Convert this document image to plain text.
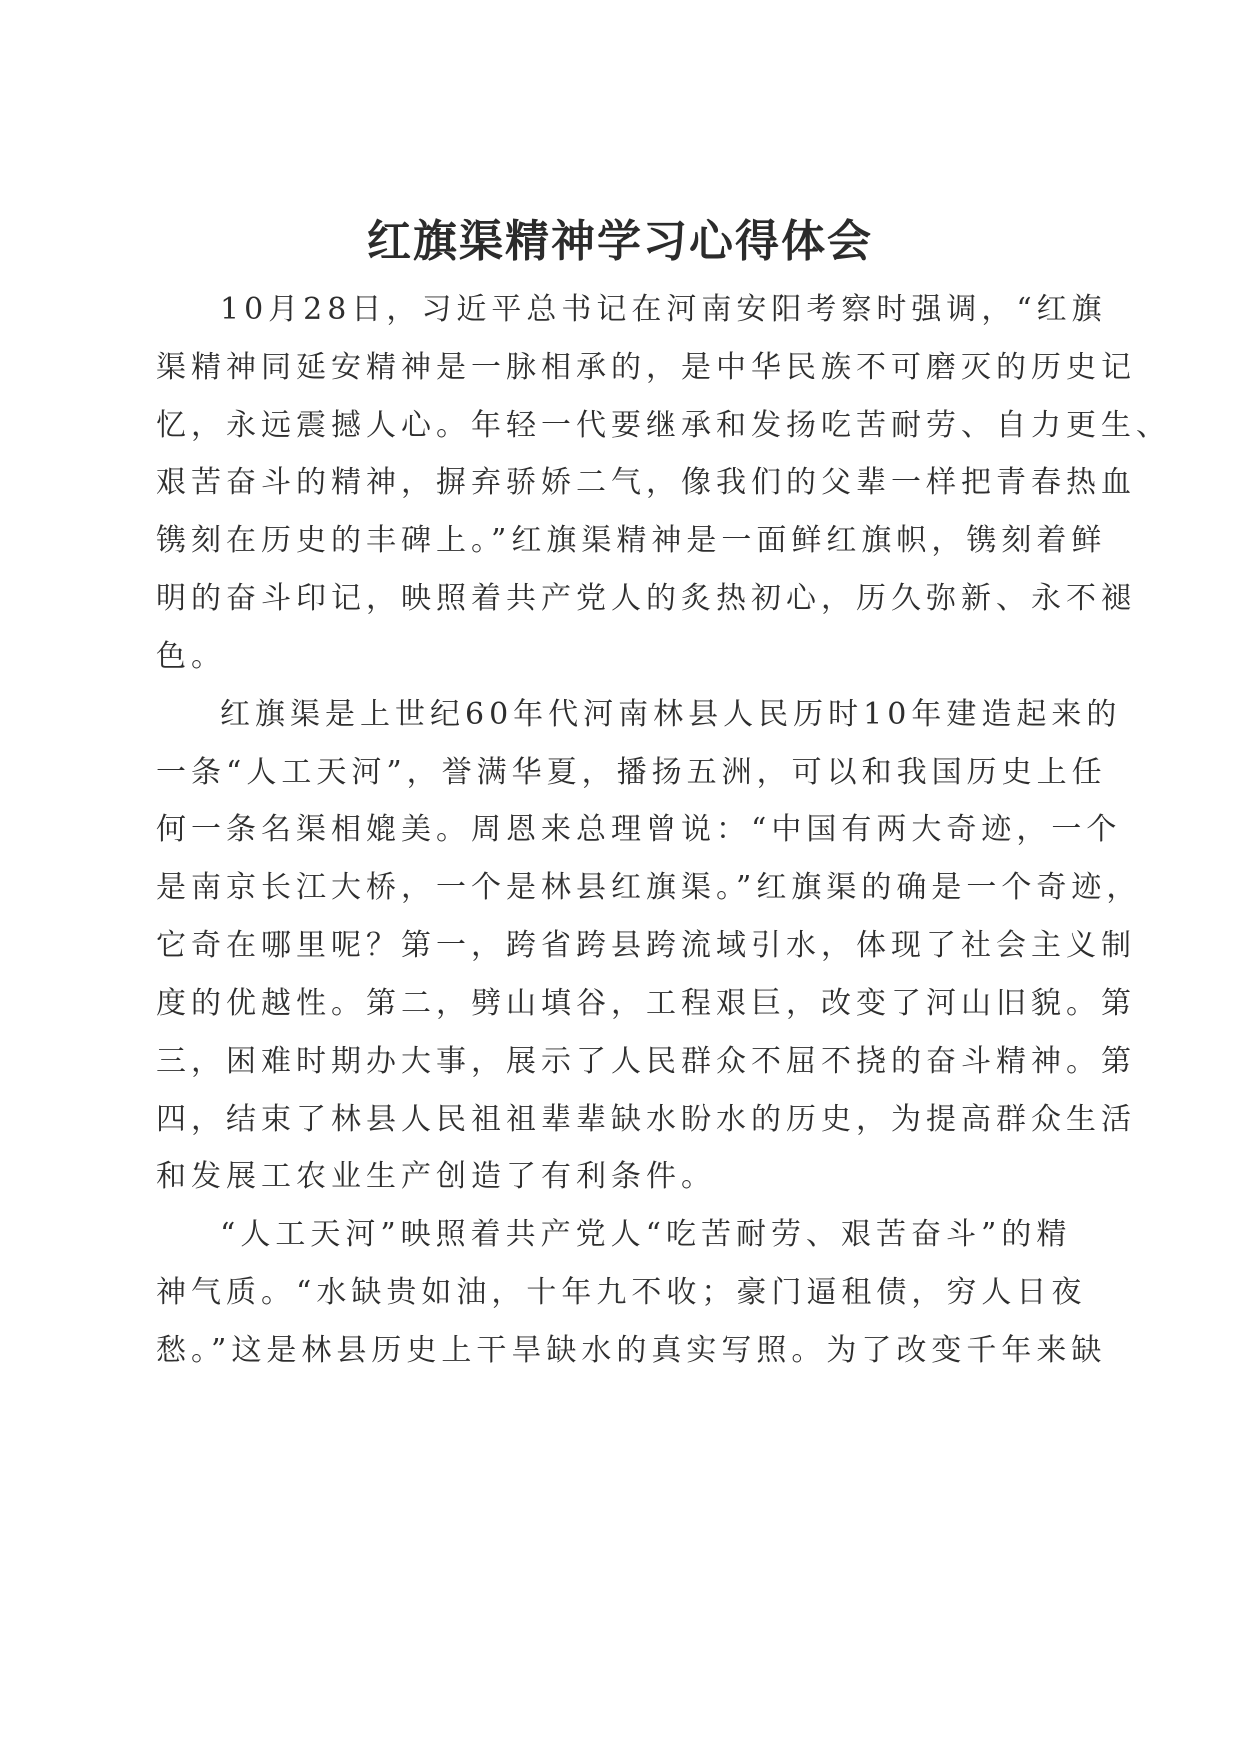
红旗渠精神学习心得体会
10月28日，习近平总书记在河南安阳考察时强调，“红旗
渠精神同延安精神是一脉相承的，是中华民族不可磨灭的历史记
忆，永远震撼人心。年轻一代要继承和发扬吃苦耐劳、自力更生、
艰苦奋斗的精神，摒弃骄娇二气，像我们的父辈一样把青春热血
镌刻在历史的丰碑上。”红旗渠精神是一面鲜红旗帜，镌刻着鲜
明的奋斗印记，映照着共产党人的炙热初心，历久弥新、永不褪
色。
红旗渠是上世纪60年代河南林县人民历时10年建造起来的
一条“人工天河”，誉满华夏，播扬五洲，可以和我国历史上任
何一条名渠相媲美。周恩来总理曾说：“中国有两大奇迹，一个
是南京长江大桥，一个是林县红旗渠。”红旗渠的确是一个奇迹，
它奇在哪里呢？第一，跨省跨县跨流域引水，体现了社会主义制
度的优越性。第二，劈山填谷，工程艰巨，改变了河山旧貌。第
三，困难时期办大事，展示了人民群众不屈不挠的奋斗精神。第
四，结束了林县人民祖祖辈辈缺水盼水的历史，为提高群众生活
和发展工农业生产创造了有利条件。
“人工天河”映照着共产党人“吃苦耐劳、艰苦奋斗”的精
神气质。“水缺贵如油，十年九不收；豪门逼租债，穷人日夜
愁。”这是林县历史上干旱缺水的真实写照。为了改变千年来缺
